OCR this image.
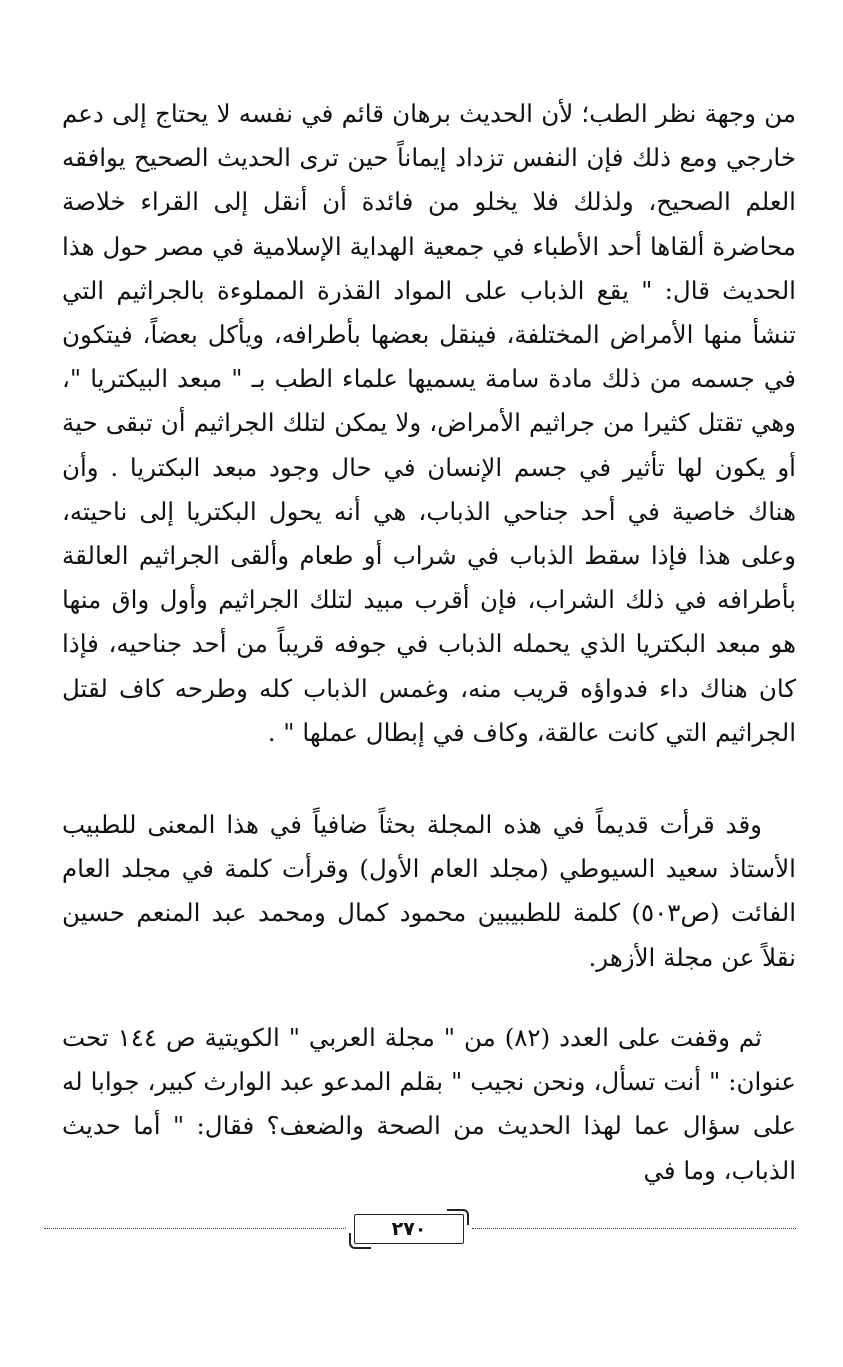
من وجهة نظر الطب؛ لأن الحديث برهان قائم في نفسه لا يحتاج إلى دعم خارجي ومع ذلك فإن النفس تزداد إيماناً حين ترى الحديث الصحيح يوافقه العلم الصحيح، ولذلك فلا يخلو من فائدة أن أنقل إلى القراء خلاصة محاضرة ألقاها أحد الأطباء في جمعية الهداية الإسلامية في مصر حول هذا الحديث قال: " يقع الذباب على المواد القذرة المملوءة بالجراثيم التي تنشأ منها الأمراض المختلفة، فينقل بعضها بأطرافه، ويأكل بعضاً، فيتكون في جسمه من ذلك مادة سامة يسميها علماء الطب بـ " مبعد البيكتريا "، وهي تقتل كثيرا من جراثيم الأمراض، ولا يمكن لتلك الجراثيم أن تبقى حية أو يكون لها تأثير في جسم الإنسان في حال وجود مبعد البكتريا . وأن هناك خاصية في أحد جناحي الذباب، هي أنه يحول البكتريا إلى ناحيته، وعلى هذا فإذا سقط الذباب في شراب أو طعام وألقى الجراثيم العالقة بأطرافه في ذلك الشراب، فإن أقرب مبيد لتلك الجراثيم وأول واق منها هو مبعد البكتريا الذي يحمله الذباب في جوفه قريباً من أحد جناحيه، فإذا كان هناك داء فدواؤه قريب منه، وغمس الذباب كله وطرحه كاف لقتل الجراثيم التي كانت عالقة، وكاف في إبطال عملها " .

وقد قرأت قديماً في هذه المجلة بحثاً ضافياً في هذا المعنى للطبيب الأستاذ سعيد السيوطي (مجلد العام الأول) وقرأت كلمة في مجلد العام الفائت (ص٥٠٣) كلمة للطبيبين محمود كمال ومحمد عبد المنعم حسين نقلاً عن مجلة الأزهر.

ثم وقفت على العدد (٨٢) من " مجلة العربي " الكويتية ص ١٤٤ تحت عنوان: " أنت تسأل، ونحن نجيب " بقلم المدعو عبد الوارث كبير، جوابا له على سؤال عما لهذا الحديث من الصحة والضعف؟ فقال: " أما حديث الذباب، وما في

٢٧٠
